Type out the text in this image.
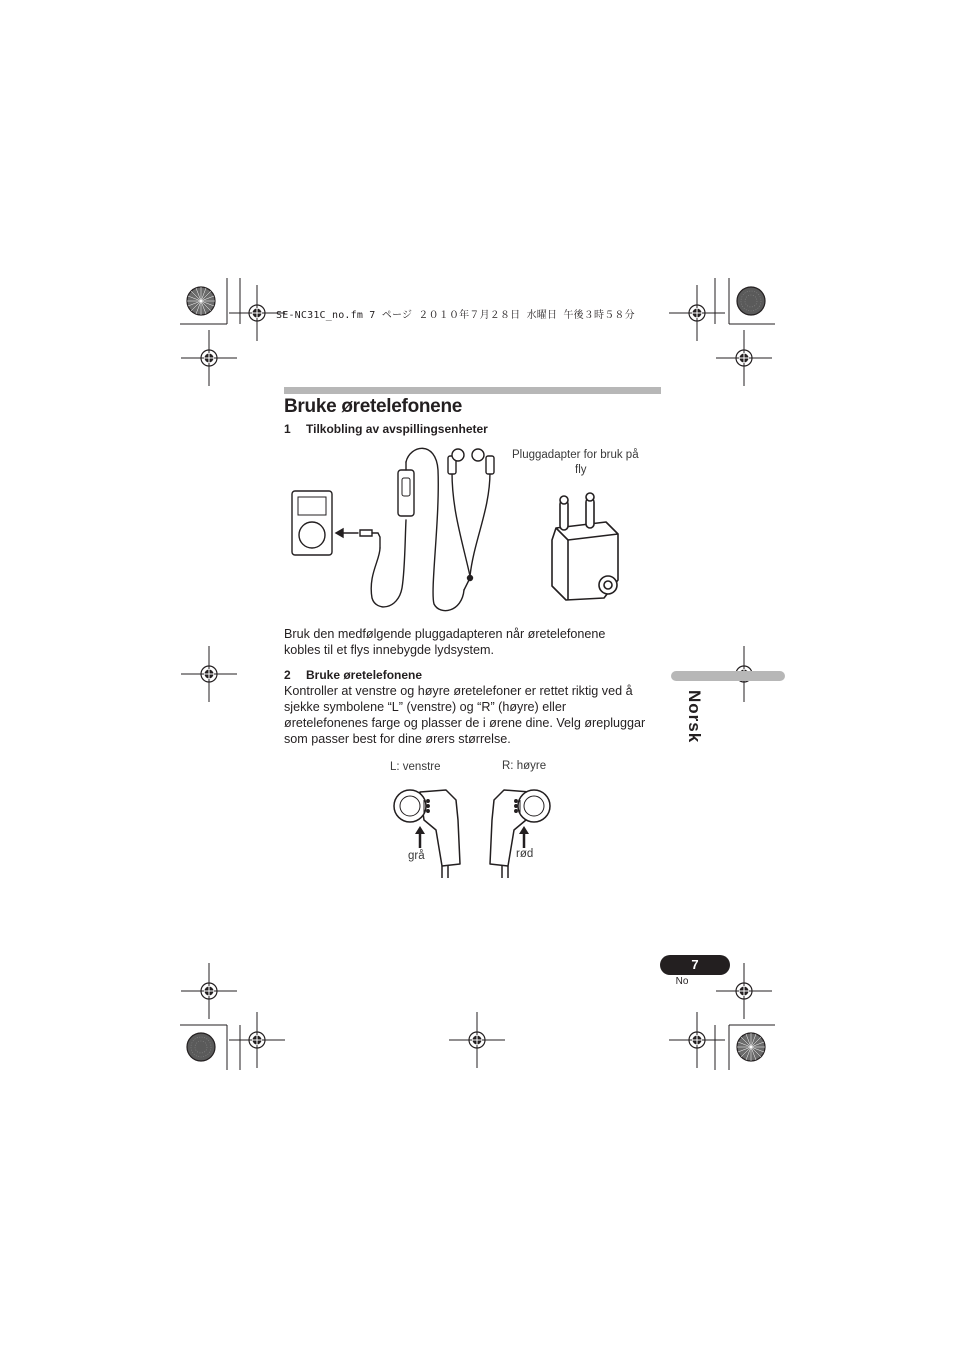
SE-NC31C_no.fm 7 ページ ２０１０年７月２８日 水曜日 午後３時５８分
Bruke øretelefonene
1 Tilkobling av avspillingsenheter
Pluggadapter for bruk på
fly
Bruk den medfølgende pluggadapteren når øretelefonene
kobles til et flys innebygde lydsystem.
2 Bruke øretelefonene
Kontroller at venstre og høyre øretelefoner er rettet riktig ved å
sjekke symbolene “L” (venstre) og “R” (høyre) eller
øretelefonenes farge og plasser de i ørene dine. Velg ørepluggar
som passer best for dine ørers størrelse.
L: venstre	R: høyre
grå	rød
Norsk
7
No
